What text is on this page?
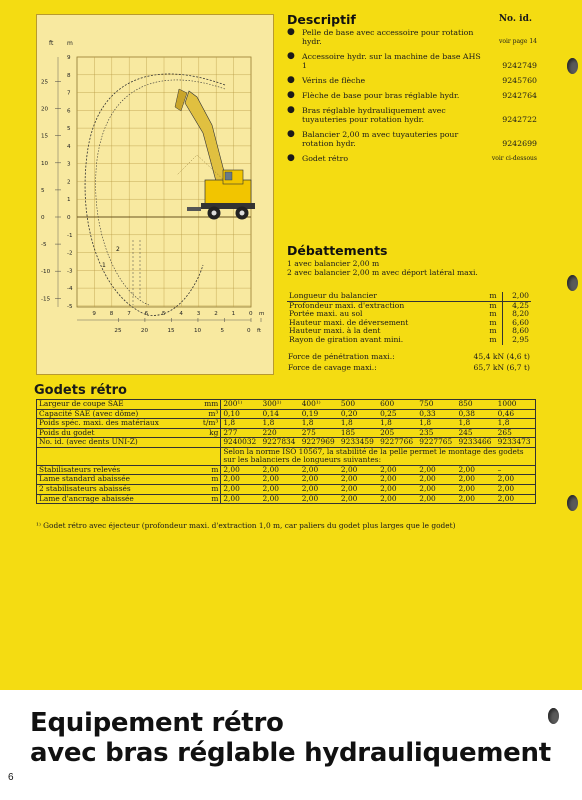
ft m
9
8
7
6
5
4
3
2
1
0
-1
-2
-3
-4
-5
25
20
15
10
5
0
-5
-10
-15
9 8 7 6 5 4 3 2 1 0 m
25	20	15	10	5	0 ft
1
2
Descriptif	No. id.
● Pelle de base avec accessoire pour rotation hydr.	voir page 14
● Accessoire hydr. sur la machine de base AHS 1	9242749
● Vérins de flèche	9245760
● Flèche de base pour bras réglable hydr.	9242764
● Bras réglable hydrauliquement avec tuyauteries pour rotation hydr.	9242722
● Balancier 2,00 m avec tuyauteries pour rotation hydr.	9242699
● Godet rétro	voir ci-dessous
Débattements
1 avec balancier 2,00 m
2 avec balancier 2,00 m avec déport latéral maxi.
Longueur du balancier	m	2,00
Profondeur maxi. d'extraction	m	4,25
Portée maxi. au sol	m	8,20
Hauteur maxi. de déversement	m	6,60
Hauteur maxi. à la dent	m	8,60
Rayon de giration avant mini.	m	2,95
Force de pénétration maxi.:	45,4 kN (4,6 t)
Force de cavage maxi.:	65,7 kN (6,7 t)
Godets rétro
Largeur de coupe SAE	mm	200¹⁾	300¹⁾	400¹⁾	500	600	750	850	1000
Capacité SAE (avec dôme)	m³	0,10	0,14	0,19	0,20	0,25	0,33	0,38	0,46
Poids spéc. maxi. des matériaux	t/m³	1,8	1,8	1,8	1,8	1,8	1,8	1,8	1,8
Poids du godet	kg	277	220	275	185	205	235	245	265
No. id. (avec dents UNI-Z)		9240032	9227834	9227969	9233459	9227766	9227765	9233466	9233473
		Selon la norme ISO 10567, la stabilité de la pelle permet le montage des godets sur les balanciers de longueurs suivantes:							
Stabilisateurs relevés	m	2,00	2,00	2,00	2,00	2,00	2,00	2,00	–
Lame standard abaissée	m	2,00	2,00	2,00	2,00	2,00	2,00	2,00	2,00
2 stabilisateurs abaissés	m	2,00	2,00	2,00	2,00	2,00	2,00	2,00	2,00
Lame d'ancrage abaissée	m	2,00	2,00	2,00	2,00	2,00	2,00	2,00	2,00
¹⁾ Godet rétro avec éjecteur (profondeur maxi. d'extraction 1,0 m, car paliers du godet plus larges que le godet)
Equipement rétro
avec bras réglable hydrauliquement
6
